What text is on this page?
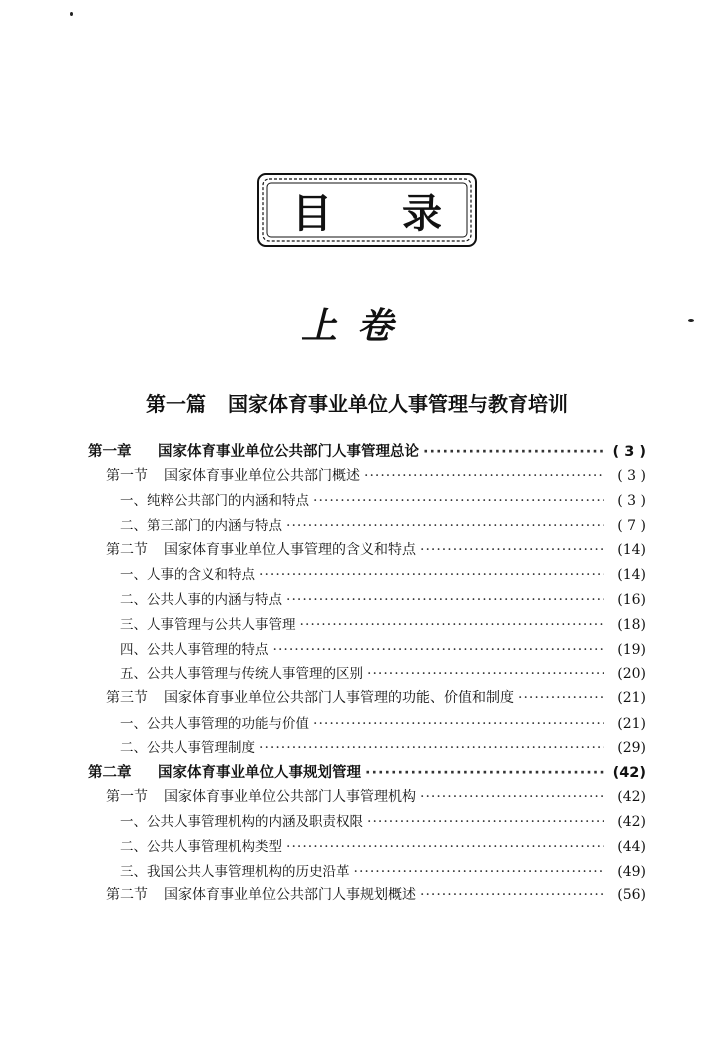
目 录
上卷
第一篇 国家体育事业单位人事管理与教育培训
第一章 国家体育事业单位公共部门人事管理总论 ·····	( 3 )
第一节 国家体育事业单位公共部门概述 ·····	( 3 )
一、纯粹公共部门的内涵和特点 ·····	( 3 )
二、第三部门的内涵与特点 ·····	( 7 )
第二节 国家体育事业单位人事管理的含义和特点 ·····	(14)
一、人事的含义和特点 ·····	(14)
二、公共人事的内涵与特点 ·····	(16)
三、人事管理与公共人事管理 ·····	(18)
四、公共人事管理的特点 ·····	(19)
五、公共人事管理与传统人事管理的区别 ·····	(20)
第三节 国家体育事业单位公共部门人事管理的功能、价值和制度 ·····	(21)
一、公共人事管理的功能与价值 ·····	(21)
二、公共人事管理制度 ·····	(29)
第二章 国家体育事业单位人事规划管理 ·····	(42)
第一节 国家体育事业单位公共部门人事管理机构 ·····	(42)
一、公共人事管理机构的内涵及职责权限 ·····	(42)
二、公共人事管理机构类型 ·····	(44)
三、我国公共人事管理机构的历史沿革 ·····	(49)
第二节 国家体育事业单位公共部门人事规划概述 ·····	(56)
